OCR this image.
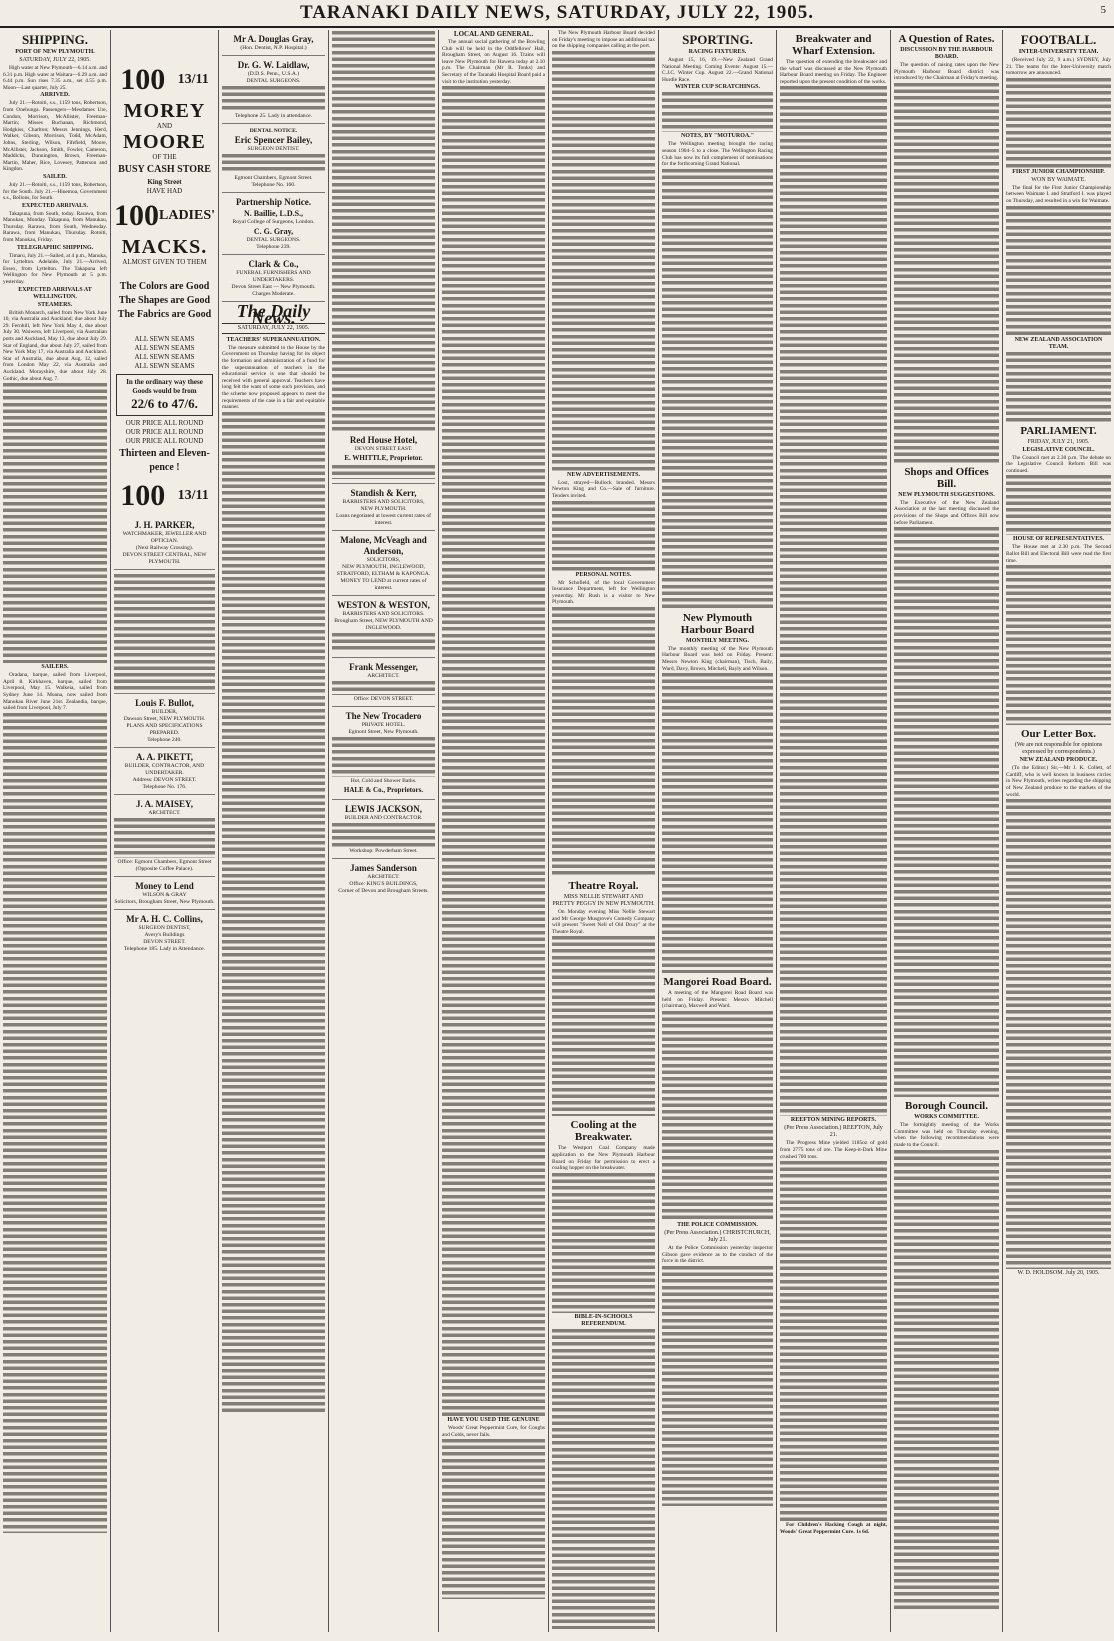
TARANAKI DAILY NEWS, SATURDAY, JULY 22, 1905.	5
SHIPPING.
PORT OF NEW PLYMOUTH.
SATURDAY, JULY 22, 1905.
High water at New Plymouth—6.14 a.m. and 6.31 p.m. High water at Waitara—6.29 a.m. and 6.44 p.m. Sun rises 7.35 a.m., set 4.55 p.m. Moon—Last quarter, July 25.
ARRIVED.
July 21.—Rotoiti, s.s., 1159 tons, Robertson, from Onehunga. Passengers—Mesdames Ure, Condon, Morrison, McAllister, Freeman-Martin; Misses Buchanan, Richmond, Hodgkiss, Charlton; Messrs Jennings, Herd, Walker, Gibson, Morrison, Todd, McAdam, Johns, Sterling, Wilson, Fifefield, Moore, McAllister, Jackson, Smith, Fowler, Cameron, Maddicks, Dunnington, Brown, Freeman-Martin, Maher, Rice, Lovesey, Patterson and Kingdon.
SAILED.
July 21.—Rotoiti, s.s., 1159 tons, Robertson, for the South. July 21.—Hinemoa, Government s.s., Bollons, for South.
EXPECTED ARRIVALS.
Takapuna, from South, today. Rarawa, from Manukau, Monday. Takapuna, from Manukau, Thursday. Rarawa, from South, Wednesday. Rarawa, from Manukau, Thursday. Rotoiti, from Manukau, Friday.
TELEGRAPHIC SHIPPING.
Timaru, July 21.—Sailed, at 4 p.m., Manuka, for Lyttelton. Adelaide, July 21.—Arrived, Essex, from Lyttelton. The Takapuna left Wellington for New Plymouth at 5 p.m. yesterday.
EXPECTED ARRIVALS AT WELLINGTON.
STEAMERS.
British Monarch, sailed from New York June 10, via Australia and Auckland; due about July 29. Fernhill, left New York May 4, due about July 30. Waiwera, left Liverpool, via Australian ports and Auckland, May 13, due about July 29. Star of England, due about July 27, sailed from New York May 17, via Australia and Auckland. Star of Australia, due about Aug. 12, sailed from London May 22, via Australia and Auckland. Morayshire, due about July 28. Gothic, due about Aug. 7.
SAILERS.
Oradana, barque, sailed from Liverpool, April 8. Kirkhaven, barque, sailed from Liverpool, May 15. Walkeia, sailed from Sydney June 14. Moana, now sailed from Manukau River June 21st. Zealandia, barque, sailed from Liverpool, July 7.
100 13/11
MOREY
AND
MOORE
OF THE
BUSY CASH STORE
King Street
HAVE HAD
100 LADIES'
MACKS.
ALMOST GIVEN TO THEM
The Colors are Good
The Shapes are Good
The Fabrics are Good
ALL SEWN SEAMS
ALL SEWN SEAMS
ALL SEWN SEAMS
ALL SEWN SEAMS
In the ordinary way these
Goods would be from
22/6 to 47/6.
OUR PRICE ALL ROUND
OUR PRICE ALL ROUND
OUR PRICE ALL ROUND
Thirteen and Eleven-
pence !
100 13/11
J. H. PARKER,
WATCHMAKER, JEWELLER AND
OPTICIAN.
(Next Railway Crossing).
DEVON STREET CENTRAL, NEW PLYMOUTH.
Louis F. Bullot,
BUILDER,
Dawson Street, NEW PLYMOUTH.
PLANS AND SPECIFICATIONS PREPARED.
Telephone 240.
A. A. PIKETT,
BUILDER, CONTRACTOR, AND UNDERTAKER.
Address: DEVON STREET.
Telephone No. 176.
J. A. MAISEY,
ARCHITECT.
Office: Egmont Chambers, Egmont Street (Opposite Coffee Palace).
Money to Lend
WILSON & GRAY
Solicitors, Brougham Street, New Plymouth.
Mr A. H. C. Collins,
SURGEON DENTIST,
Avery's Buildings
DEVON STREET.
Telephone 185. Lady in Attendance.
Mr A. Douglas Gray,
(Hon. Dentist, N.P. Hospital.)
Dr. G. W. Laidlaw,
(D.D.S. Penn., U.S.A.)
DENTAL SURGEONS.
Telephone 25. Lady in attendance.
DENTAL NOTICE.
Eric Spencer Bailey,
SURGEON DENTIST.
Egmont Chambers, Egmont Street.
Telephone No. 160.
Partnership Notice.
N. Baillie, L.D.S.,
Royal College of Surgeons, London.
C. G. Gray,
DENTAL SURGEONS.
Telephone 239.
Clark & Co.,
FUNERAL FURNISHERS AND UNDERTAKERS.
Devon Street East — New Plymouth.
Charges Moderate.
The Daily News.
SATURDAY, JULY 22, 1905.
TEACHERS' SUPERANNUATION.
The measure submitted to the House by the Government on Thursday having for its object the formation and administration of a fund for the superannuation of teachers in the educational service is one that should be received with general approval. Teachers have long felt the want of some such provision, and the scheme now proposed appears to meet the requirements of the case in a fair and equitable manner.
Red House Hotel,
DEVON STREET EAST.
E. WHITTLE, Proprietor.
Standish & Kerr,
BARRISTERS AND SOLICITORS,
NEW PLYMOUTH.
Loans negotiated at lowest current rates of interest.
Malone, McVeagh and Anderson,
SOLICITORS,
NEW PLYMOUTH, INGLEWOOD, STRATFORD, ELTHAM & KAPONGA.
MONEY TO LEND at current rates of interest.
WESTON & WESTON,
BARRISTERS AND SOLICITORS.
Brougham Street, NEW PLYMOUTH AND INGLEWOOD.
Frank Messenger,
ARCHITECT.
Office: DEVON STREET.
The New Trocadero
PRIVATE HOTEL.
Egmont Street, New Plymouth.
Hot, Cold and Shower Baths.
HALE & Co., Proprietors.
LEWIS JACKSON,
BUILDER AND CONTRACTOR.
Workshop: Powderham Street.
James Sanderson
ARCHITECT.
Office: KING'S BUILDINGS,
Corner of Devon and Brougham Streets.
LOCAL AND GENERAL.
The annual social gathering of the Bowling Club will be held in the Oddfellows' Hall, Brougham Street, on August 16. Trains will leave New Plymouth for Hawera today at 2.10 p.m. The Chairman (Mr R. Tonks) and Secretary of the Taranaki Hospital Board paid a visit to the institution yesterday.
HAVE YOU USED THE GENUINE
Woods' Great Peppermint Cure, for Coughs and Colds, never fails.
The New Plymouth Harbour Board decided on Friday's meeting to impose an additional tax on the shipping companies calling at the port.
NEW ADVERTISEMENTS.
Lost, strayed—Bullock branded. Messrs Newton King and Co.—Sale of furniture. Tenders invited.
PERSONAL NOTES.
Mr Schofield, of the local Government Insurance Department, left for Wellington yesterday. Mr Rush is a visitor to New Plymouth.
Theatre Royal.
MISS NELLIE STEWART AND PRETTY PEGGY IN NEW PLYMOUTH.
On Monday evening Miss Nellie Stewart and Mr George Musgrove's Comedy Company will present "Sweet Nell of Old Drury" at the Theatre Royal.
Cooling at the Breakwater.
The Westport Coal Company made application to the New Plymouth Harbour Board on Friday for permission to erect a coaling hopper on the breakwater.
BIBLE-IN-SCHOOLS REFERENDUM.
SPORTING.
RACING FIXTURES.
August 15, 16, 19.—New Zealand Grand National Meeting. Coming Events: August 15.—C.J.C. Winter Cup. August 22.—Grand National Hurdle Race.
WINTER CUP SCRATCHINGS.
NOTES, BY "MOTUROA."
The Wellington meeting brought the racing season 1904–5 to a close. The Wellington Racing Club has now its full complement of nominations for the forthcoming Grand National.
New Plymouth Harbour Board
MONTHLY MEETING.
The monthly meeting of the New Plymouth Harbour Board was held on Friday. Present: Messrs Newton King (chairman), Tisch, Baily, Ward, Davy, Brown, Mitchell, Bayly and Wilson.
Mangorei Road Board.
A meeting of the Mangorei Road Board was held on Friday. Present: Messrs Mitchell (chairman), Maxwell and Ward.
THE POLICE COMMISSION.
(Per Press Association.) CHRISTCHURCH, July 21.
At the Police Commission yesterday inspector Gibson gave evidence as to the conduct of the force in the district.
Breakwater and Wharf Extension.
The question of extending the breakwater and the wharf was discussed at the New Plymouth Harbour Board meeting on Friday. The Engineer reported upon the present condition of the works.
REEFTON MINING REPORTS.
(Per Press Association.) REEFTON, July 21.
The Progress Mine yielded 1185oz of gold from 2775 tons of ore. The Keep-it-Dark Mine crushed 700 tons.
For Children's Hacking Cough at night, Woods' Great Peppermint Cure. 1s 6d.
A Question of Rates.
DISCUSSION BY THE HARBOUR BOARD.
The question of raising rates upon the New Plymouth Harbour Board district was introduced by the Chairman at Friday's meeting.
Shops and Offices Bill.
NEW PLYMOUTH SUGGESTIONS.
The Executive of the New Zealand Association at the last meeting discussed the provisions of the Shops and Offices Bill now before Parliament.
Borough Council.
WORKS COMMITTEE.
The fortnightly meeting of the Works Committee was held on Thursday evening, when the following recommendations were made to the Council.
FOOTBALL.
INTER-UNIVERSITY TEAM.
(Received July 22, 9 a.m.) SYDNEY, July 21. The teams for the Inter-University match tomorrow are announced.
FIRST JUNIOR CHAMPIONSHIP.
WON BY WAIMATE.
The final for the First Junior Championship between Waimate I. and Stratford I. was played on Thursday, and resulted in a win for Waimate.
NEW ZEALAND ASSOCIATION TEAM.
PARLIAMENT.
FRIDAY, JULY 21, 1905.
LEGISLATIVE COUNCIL.
The Council met at 2.30 p.m. The debate on the Legislative Council Reform Bill was continued.
HOUSE OF REPRESENTATIVES.
The House met at 2.30 p.m. The Second Ballot Bill and Electoral Bill were read the first time.
Our Letter Box.
(We are not responsible for opinions expressed by correspondents.)
NEW ZEALAND PRODUCE.
(To the Editor.) Sir,—Mr J. K. Collett, of Cardiff, who is well known in business circles in New Plymouth, writes regarding the shipping of New Zealand produce to the markets of the world.
W. D. HOLDSOM. July 20, 1905.
